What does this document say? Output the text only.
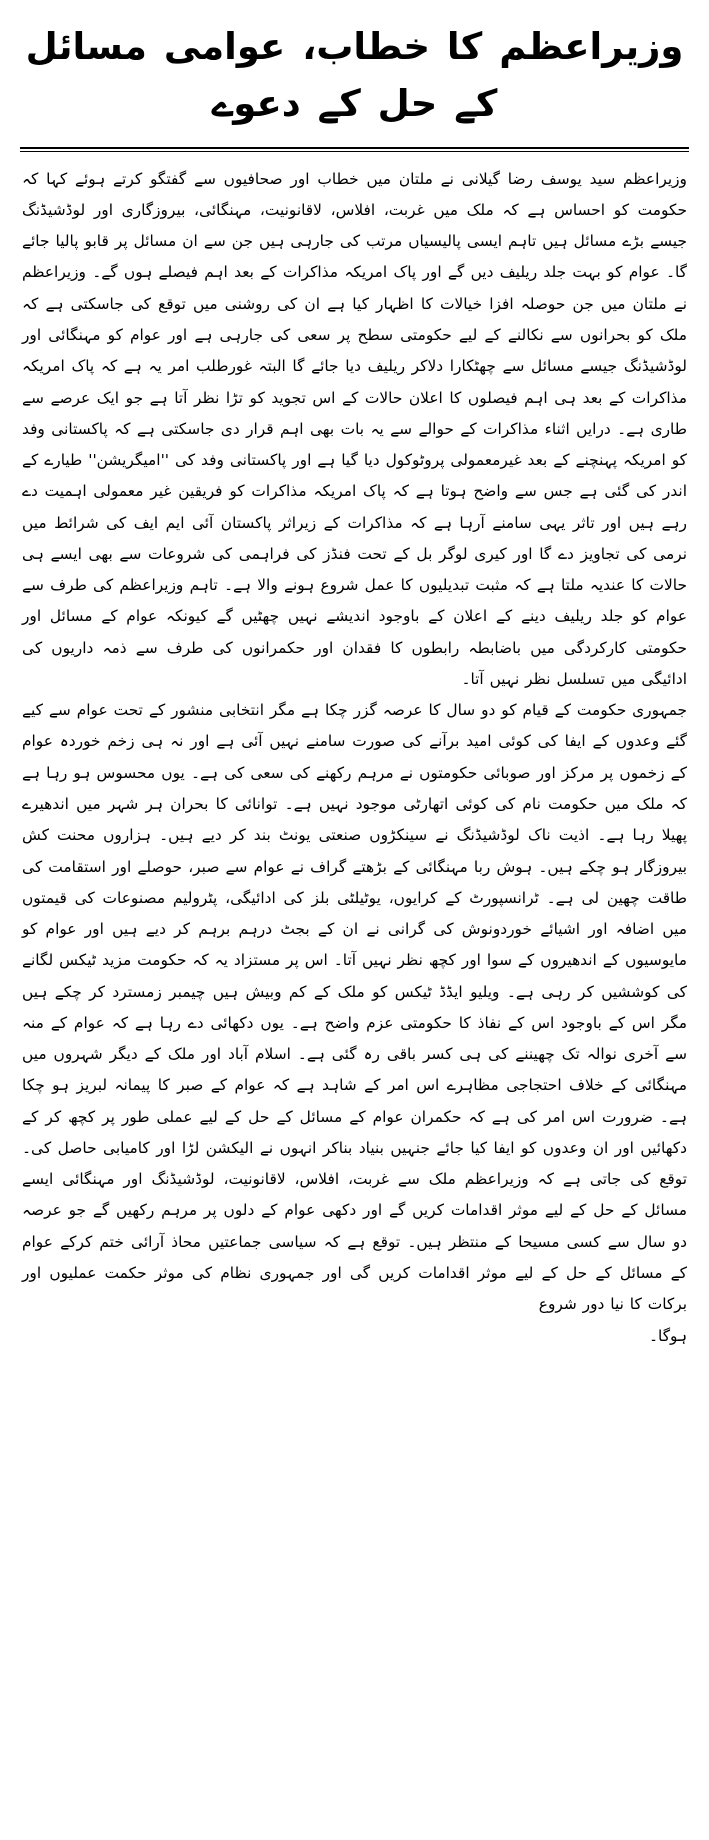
وزیراعظم کا خطاب، عوامی مسائل
کے حل کے دعوے

وزیراعظم سید یوسف رضا گیلانی نے ملتان میں خطاب اور صحافیوں سے گفتگو کرتے ہوئے کہا کہ حکومت کو احساس ہے کہ ملک میں غربت، افلاس، لاقانونیت، مہنگائی، بیروزگاری اور لوڈشیڈنگ جیسے بڑے مسائل ہیں تاہم ایسی پالیسیاں مرتب کی جارہی ہیں جن سے ان مسائل پر قابو پالیا جائے گا۔ عوام کو بہت جلد ریلیف دیں گے اور پاک امریکہ مذاکرات کے بعد اہم فیصلے ہوں گے۔ وزیراعظم نے ملتان میں جن حوصلہ افزا خیالات کا اظہار کیا ہے ان کی روشنی میں توقع کی جاسکتی ہے کہ ملک کو بحرانوں سے نکالنے کے لیے حکومتی سطح پر سعی کی جارہی ہے اور عوام کو مہنگائی اور لوڈشیڈنگ جیسے مسائل سے چھٹکارا دلاکر ریلیف دیا جائے گا البتہ غورطلب امر یہ ہے کہ پاک امریکہ مذاکرات کے بعد ہی اہم فیصلوں کا اعلان حالات کے اس تجوید کو تڑا نظر آتا ہے جو ایک عرصے سے طاری ہے۔ درایں اثناء مذاکرات کے حوالے سے یہ بات بھی اہم قرار دی جاسکتی ہے کہ پاکستانی وفد کو امریکہ پہنچنے کے بعد غیرمعمولی پروٹوکول دیا گیا ہے اور پاکستانی وفد کی ''امیگریشن'' طیارے کے اندر کی گئی ہے جس سے واضح ہوتا ہے کہ پاک امریکہ مذاکرات کو فریقین غیر معمولی اہمیت دے رہے ہیں اور تاثر یہی سامنے آرہا ہے کہ مذاکرات کے زیراثر پاکستان آئی ایم ایف کی شرائط میں نرمی کی تجاویز دے گا اور کیری لوگر بل کے تحت فنڈز کی فراہمی کی شروعات سے بھی ایسے ہی حالات کا عندیہ ملتا ہے کہ مثبت تبدیلیوں کا عمل شروع ہونے والا ہے۔ تاہم وزیراعظم کی طرف سے عوام کو جلد ریلیف دینے کے اعلان کے باوجود اندیشے نہیں چھٹیں گے کیونکہ عوام کے مسائل اور حکومتی کارکردگی میں باضابطہ رابطوں کا فقدان اور حکمرانوں کی طرف سے ذمہ داریوں کی ادائیگی میں تسلسل نظر نہیں آتا۔

جمہوری حکومت کے قیام کو دو سال کا عرصہ گزر چکا ہے مگر انتخابی منشور کے تحت عوام سے کیے گئے وعدوں کے ایفا کی کوئی امید برآنے کی صورت سامنے نہیں آئی ہے اور نہ ہی زخم خوردہ عوام کے زخموں پر مرکز اور صوبائی حکومتوں نے مرہم رکھنے کی سعی کی ہے۔ یوں محسوس ہو رہا ہے کہ ملک میں حکومت نام کی کوئی اتھارٹی موجود نہیں ہے۔ توانائی کا بحران ہر شہر میں اندھیرے پھیلا رہا ہے۔ اذیت ناک لوڈشیڈنگ نے سینکڑوں صنعتی یونٹ بند کر دیے ہیں۔ ہزاروں محنت کش بیروزگار ہو چکے ہیں۔ ہوش ربا مہنگائی کے بڑھتے گراف نے عوام سے صبر، حوصلے اور استقامت کی طاقت چھین لی ہے۔ ٹرانسپورٹ کے کرایوں، یوٹیلٹی بلز کی ادائیگی، پٹرولیم مصنوعات کی قیمتوں میں اضافہ اور اشیائے خوردونوش کی گرانی نے ان کے بجٹ درہم برہم کر دیے ہیں اور عوام کو مایوسیوں کے اندھیروں کے سوا اور کچھ نظر نہیں آتا۔ اس پر مستزاد یہ کہ حکومت مزید ٹیکس لگانے کی کوششیں کر رہی ہے۔ ویلیو ایڈڈ ٹیکس کو ملک کے کم وبیش ہیں چیمبر زمسترد کر چکے ہیں مگر اس کے باوجود اس کے نفاذ کا حکومتی عزم واضح ہے۔ یوں دکھائی دے رہا ہے کہ عوام کے منہ سے آخری نوالہ تک چھیننے کی ہی کسر باقی رہ گئی ہے۔ اسلام آباد اور ملک کے دیگر شہروں میں مہنگائی کے خلاف احتجاجی مظاہرے اس امر کے شاہد ہے کہ عوام کے صبر کا پیمانہ لبریز ہو چکا ہے۔ ضرورت اس امر کی ہے کہ حکمران عوام کے مسائل کے حل کے لیے عملی طور پر کچھ کر کے دکھائیں اور ان وعدوں کو ایفا کیا جائے جنہیں بنیاد بناکر انہوں نے الیکشن لڑا اور کامیابی حاصل کی۔ توقع کی جاتی ہے کہ وزیراعظم ملک سے غربت، افلاس، لاقانونیت، لوڈشیڈنگ اور مہنگائی ایسے مسائل کے حل کے لیے موثر اقدامات کریں گے اور دکھی عوام کے دلوں پر مرہم رکھیں گے جو عرصہ دو سال سے کسی مسیحا کے منتظر ہیں۔ توقع ہے کہ سیاسی جماعتیں محاذ آرائی ختم کرکے عوام کے مسائل کے حل کے لیے موثر اقدامات کریں گی اور جمہوری نظام کی موثر حکمت عملیوں اور برکات کا نیا دور شروع

ہوگا۔
